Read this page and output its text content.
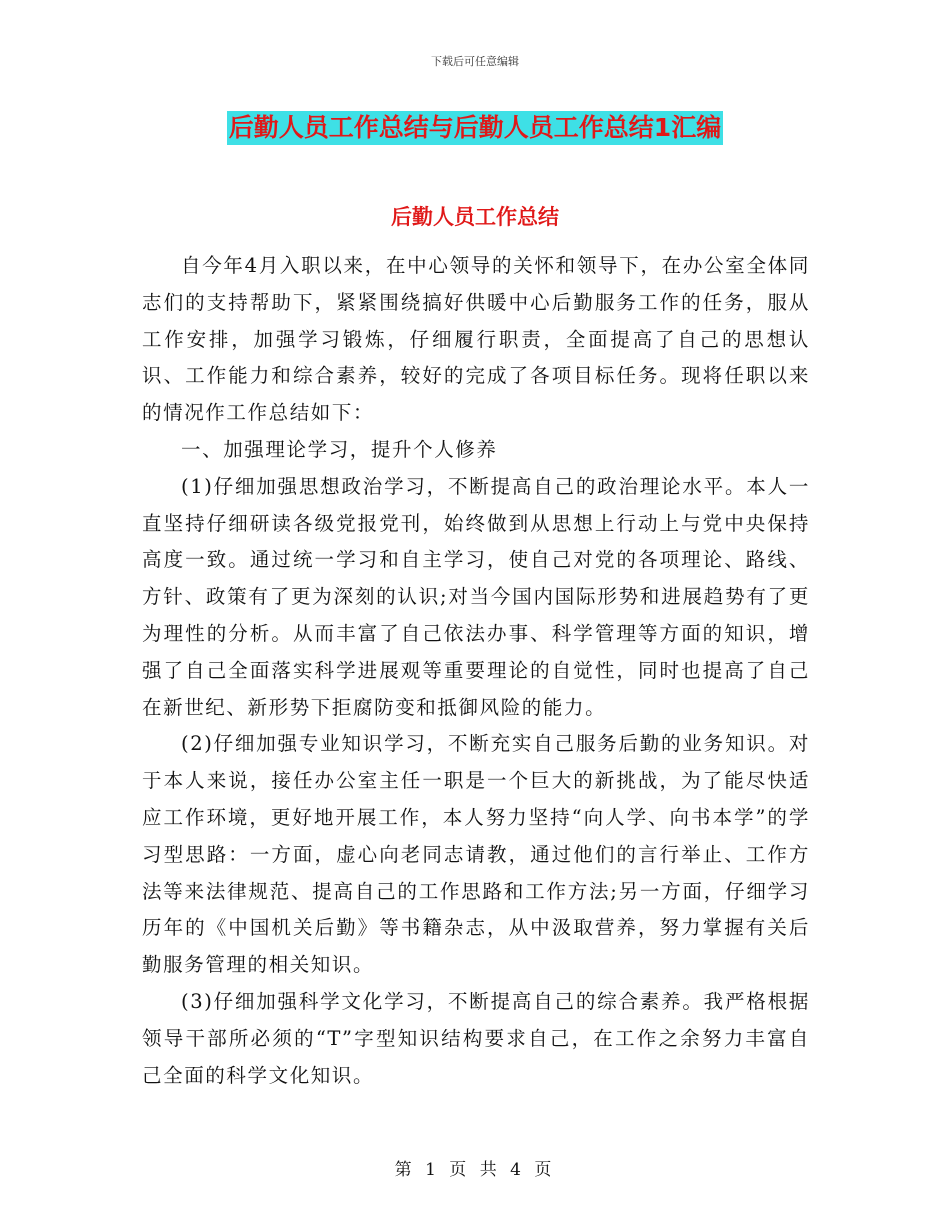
下载后可任意编辑
后勤人员工作总结与后勤人员工作总结1汇编
后勤人员工作总结

自今年4月入职以来，在中心领导的关怀和领导下，在办公室全体同志们的支持帮助下，紧紧围绕搞好供暖中心后勤服务工作的任务，服从工作安排，加强学习锻炼，仔细履行职责，全面提高了自己的思想认识、工作能力和综合素养，较好的完成了各项目标任务。现将任职以来的情况作工作总结如下：

一、加强理论学习，提升个人修养

(1)仔细加强思想政治学习，不断提高自己的政治理论水平。本人一直坚持仔细研读各级党报党刊，始终做到从思想上行动上与党中央保持高度一致。通过统一学习和自主学习，使自己对党的各项理论、路线、方针、政策有了更为深刻的认识;对当今国内国际形势和进展趋势有了更为理性的分析。从而丰富了自己依法办事、科学管理等方面的知识，增强了自己全面落实科学进展观等重要理论的自觉性，同时也提高了自己在新世纪、新形势下拒腐防变和抵御风险的能力。

(2)仔细加强专业知识学习，不断充实自己服务后勤的业务知识。对于本人来说，接任办公室主任一职是一个巨大的新挑战，为了能尽快适应工作环境，更好地开展工作，本人努力坚持“向人学、向书本学”的学习型思路：一方面，虚心向老同志请教，通过他们的言行举止、工作方法等来法律规范、提高自己的工作思路和工作方法;另一方面，仔细学习历年的《中国机关后勤》等书籍杂志，从中汲取营养，努力掌握有关后勤服务管理的相关知识。

(3)仔细加强科学文化学习，不断提高自己的综合素养。我严格根据领导干部所必须的“T”字型知识结构要求自己，在工作之余努力丰富自己全面的科学文化知识。

第 1 页 共 4 页
